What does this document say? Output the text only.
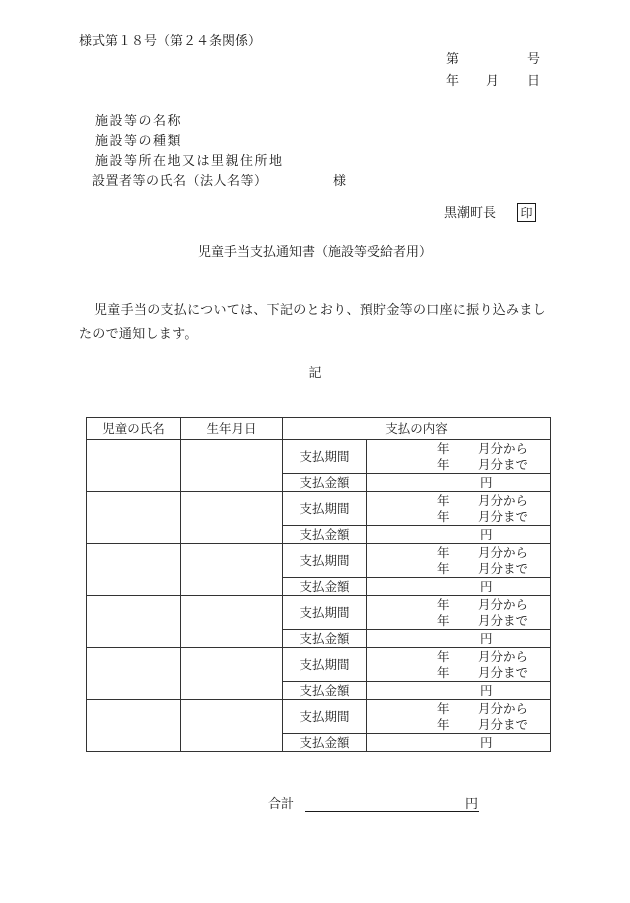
様式第１８号（第２４条関係）
第	号
年 月 日
施設等の名称
施設等の種類
施設等所在地又は里親住所地
設置者等の氏名（法人名等）	様
黒潮町長 印
児童手当支払通知書（施設等受給者用）
児童手当の支払については、下記のとおり、預貯金等の口座に振り込みまし
たので通知します。
記
児童の氏名	生年月日	支払の内容	
		支払期間	年 月分から
年 月分まで

		支払金額	円
		支払期間	年 月分から
年 月分まで

		支払金額	円
		支払期間	年 月分から
年 月分まで

		支払金額	円
		支払期間	年 月分から
年 月分まで

		支払金額	円
		支払期間	年 月分から
年 月分まで

		支払金額	円
		支払期間	年 月分から
年 月分まで

		支払金額	円
合計	円
